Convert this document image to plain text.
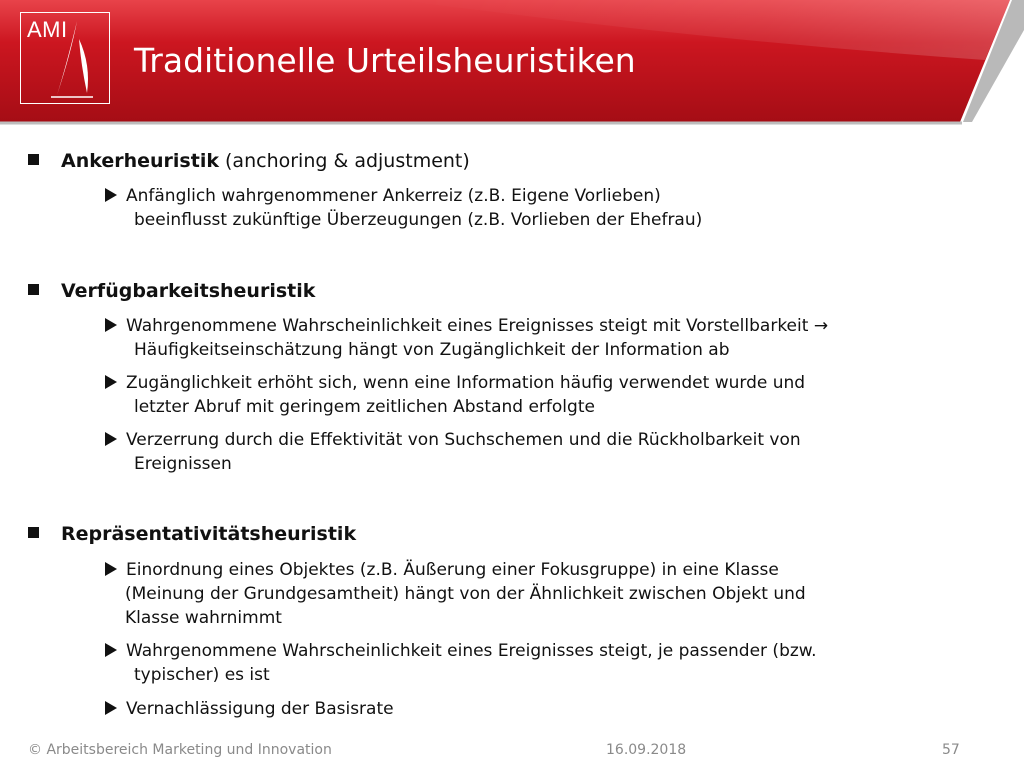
AMI
Traditionelle Urteilsheuristiken
Ankerheuristik (anchoring & adjustment)
Anfänglich wahrgenommener Ankerreiz (z.B. Eigene Vorlieben)
beeinflusst zukünftige Überzeugungen (z.B. Vorlieben der Ehefrau)
Verfügbarkeitsheuristik
Wahrgenommene Wahrscheinlichkeit eines Ereignisses steigt mit Vorstellbarkeit →
Häufigkeitseinschätzung hängt von Zugänglichkeit der Information ab
Zugänglichkeit erhöht sich, wenn eine Information häufig verwendet wurde und
letzter Abruf mit geringem zeitlichen Abstand erfolgte
Verzerrung durch die Effektivität von Suchschemen und die Rückholbarkeit von
Ereignissen
Repräsentativitätsheuristik
Einordnung eines Objektes (z.B. Äußerung einer Fokusgruppe) in eine Klasse
(Meinung der Grundgesamtheit) hängt von der Ähnlichkeit zwischen Objekt und
Klasse wahrnimmt
Wahrgenommene Wahrscheinlichkeit eines Ereignisses steigt, je passender (bzw.
typischer) es ist
Vernachlässigung der Basisrate
© Arbeitsbereich Marketing und Innovation	16.09.2018	57
